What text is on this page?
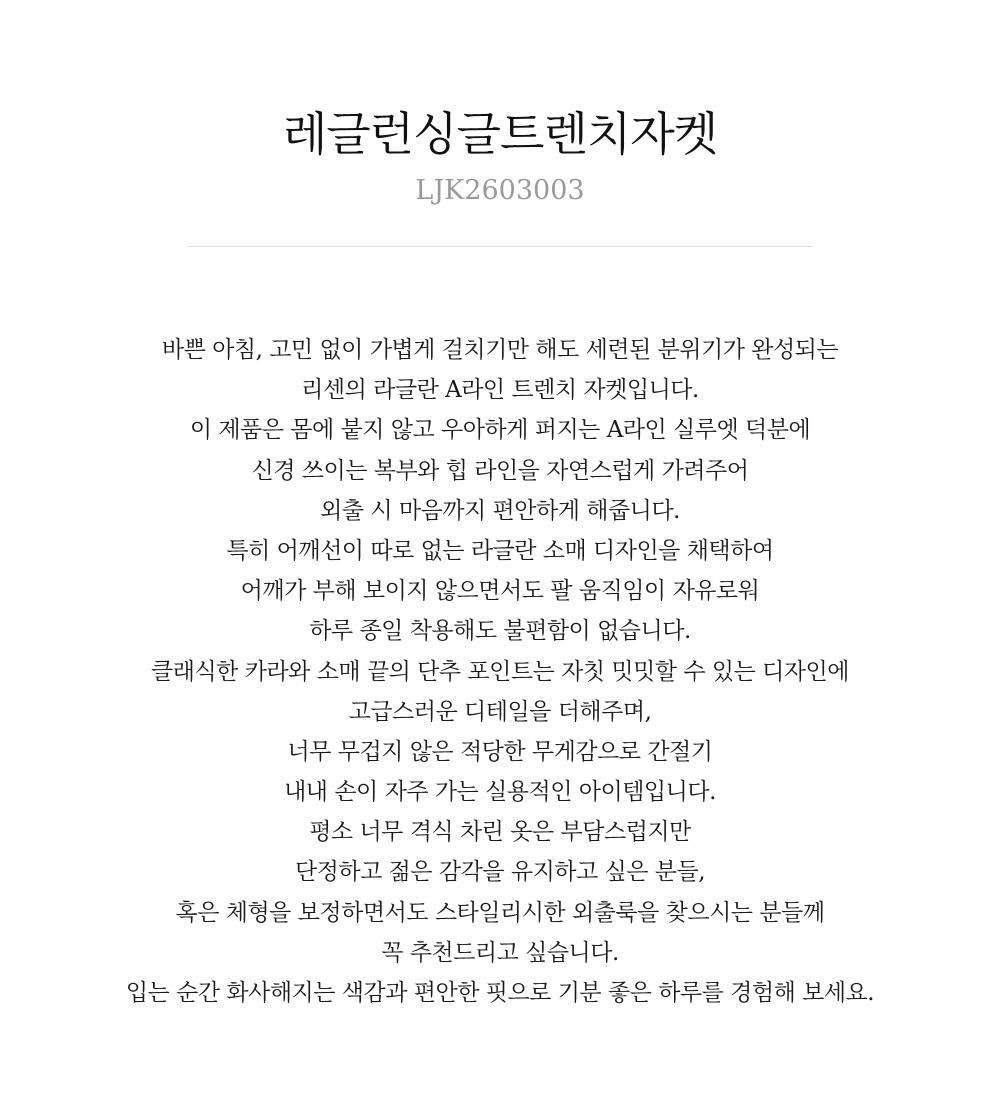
레글런싱글트렌치자켓
LJK2603003
바쁜 아침, 고민 없이 가볍게 걸치기만 해도 세련된 분위기가 완성되는
리센의 라글란 A라인 트렌치 자켓입니다.
이 제품은 몸에 붙지 않고 우아하게 퍼지는 A라인 실루엣 덕분에
신경 쓰이는 복부와 힙 라인을 자연스럽게 가려주어
외출 시 마음까지 편안하게 해줍니다.
특히 어깨선이 따로 없는 라글란 소매 디자인을 채택하여
어깨가 부해 보이지 않으면서도 팔 움직임이 자유로워
하루 종일 착용해도 불편함이 없습니다.
클래식한 카라와 소매 끝의 단추 포인트는 자칫 밋밋할 수 있는 디자인에
고급스러운 디테일을 더해주며,
너무 무겁지 않은 적당한 무게감으로 간절기
내내 손이 자주 가는 실용적인 아이템입니다.
평소 너무 격식 차린 옷은 부담스럽지만
단정하고 젊은 감각을 유지하고 싶은 분들,
혹은 체형을 보정하면서도 스타일리시한 외출룩을 찾으시는 분들께
꼭 추천드리고 싶습니다.
입는 순간 화사해지는 색감과 편안한 핏으로 기분 좋은 하루를 경험해 보세요.
